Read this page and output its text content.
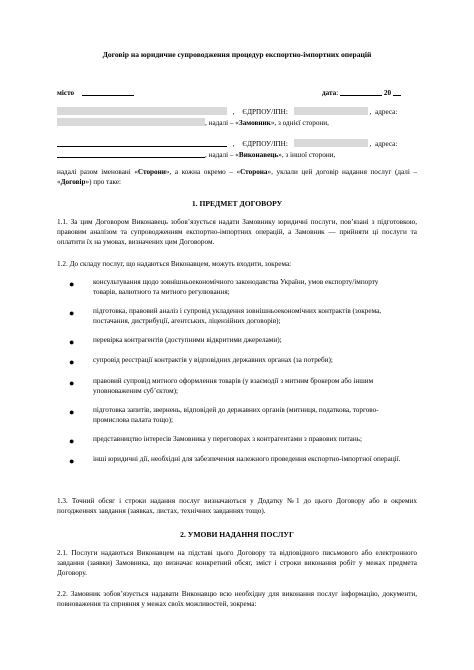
Договір на юридичне супроводження процедур експортно-імпортних операцій
місто	дата:	20
, ЄДРПОУ/ІПН:	, адреса:
, надалі – «Замовник», з однієї сторони,
, ЄДРПОУ/ІПН:	, адреса:
, надалі – «Виконавець», з іншої сторони,
надалі разом іменовані «Сторони», а кожна окремо – «Сторона», уклали цей договір надання послуг (далі – «Договір») про таке:
1. ПРЕДМЕТ ДОГОВОРУ
1.1. За цим Договором Виконавець зобов’язується надати Замовнику юридичні послуги, пов’язані з підготовкою, правовим аналізом та супроводженням експортно-імпортних операцій, а Замовник — прийняти ці послуги та оплатити їх на умовах, визначених цим Договором.
1.2. До складу послуг, що надаються Виконавцем, можуть входити, зокрема:
●	консультування щодо зовнішньоекономічного законодавства України, умов експорту/імпорту товарів, валютного та митного регулювання;
●	підготовка, правовий аналіз і супровід укладення зовнішньоекономічних контрактів (зокрема, постачання, дистрибуції, агентських, ліцензійних договорів);
●	перевірка контрагентів (доступними відкритими джерелами);
●	супровід реєстрації контрактів у відповідних державних органах (за потреби);
●	правовий супровід митного оформлення товарів (у взаємодії з митним брокером або іншим уповноваженим суб’єктом);
●	підготовка запитів, звернень, відповідей до державних органів (митниця, податкова, торгово-промислова палата тощо);
●	представництво інтересів Замовника у переговорах з контрагентами з правових питань;
●	інші юридичні дії, необхідні для забезпечення належного проведення експортно-імпортної операції.
1.3. Точний обсяг і строки надання послуг визначаються у Додатку №1 до цього Договору або в окремих погодженнях завдання (заявках, листах, технічних завданнях тощо).
2. УМОВИ НАДАННЯ ПОСЛУГ
2.1. Послуги надаються Виконавцем на підставі цього Договору та відповідного письмового або електронного завдання (заявки) Замовника, що визначає конкретний обсяг, зміст і строки виконання робіт у межах предмета Договору.
2.2. Замовник зобов’язується надавати Виконавцю всю необхідну для виконання послуг інформацію, документи, повноваження та сприяння у межах своїх можливостей, зокрема:
